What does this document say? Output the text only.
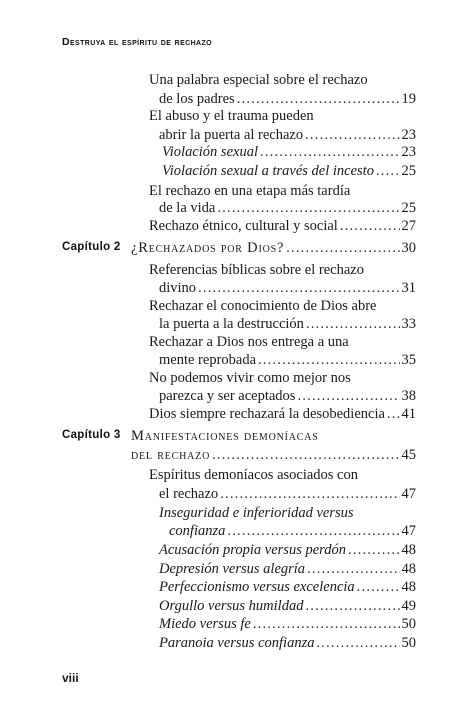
Destruya el espíritu de rechazo
Una palabra especial sobre el rechazo
de los padres .....	19
El abuso y el trauma pueden
abrir la puerta al rechazo .....	23
Violación sexual .....	23
Violación sexual a través del incesto ..... 25
El rechazo en una etapa más tardía
de la vida .....	25
Rechazo étnico, cultural y social .....	27
Capítulo 2 ¿Rechazados por Dios? .....	30
Referencias bíblicas sobre el rechazo
divino .....	31
Rechazar el conocimiento de Dios abre
la puerta a la destrucción .....	33
Rechazar a Dios nos entrega a una
mente reprobada .....	35
No podemos vivir como mejor nos
parezca y ser aceptados .....	38
Dios siempre rechazará la desobediencia ..... 41
Capítulo 3 Manifestaciones demoníacas
del rechazo .....	45
Espíritus demoníacos asociados con
el rechazo .....	47
Inseguridad e inferioridad versus
confianza .....	47
Acusación propia versus perdón .....	48
Depresión versus alegría .....	48
Perfeccionismo versus excelencia .....	48
Orgullo versus humildad .....	49
Miedo versus fe .....	50
Paranoia versus confianza .....	50
viii
